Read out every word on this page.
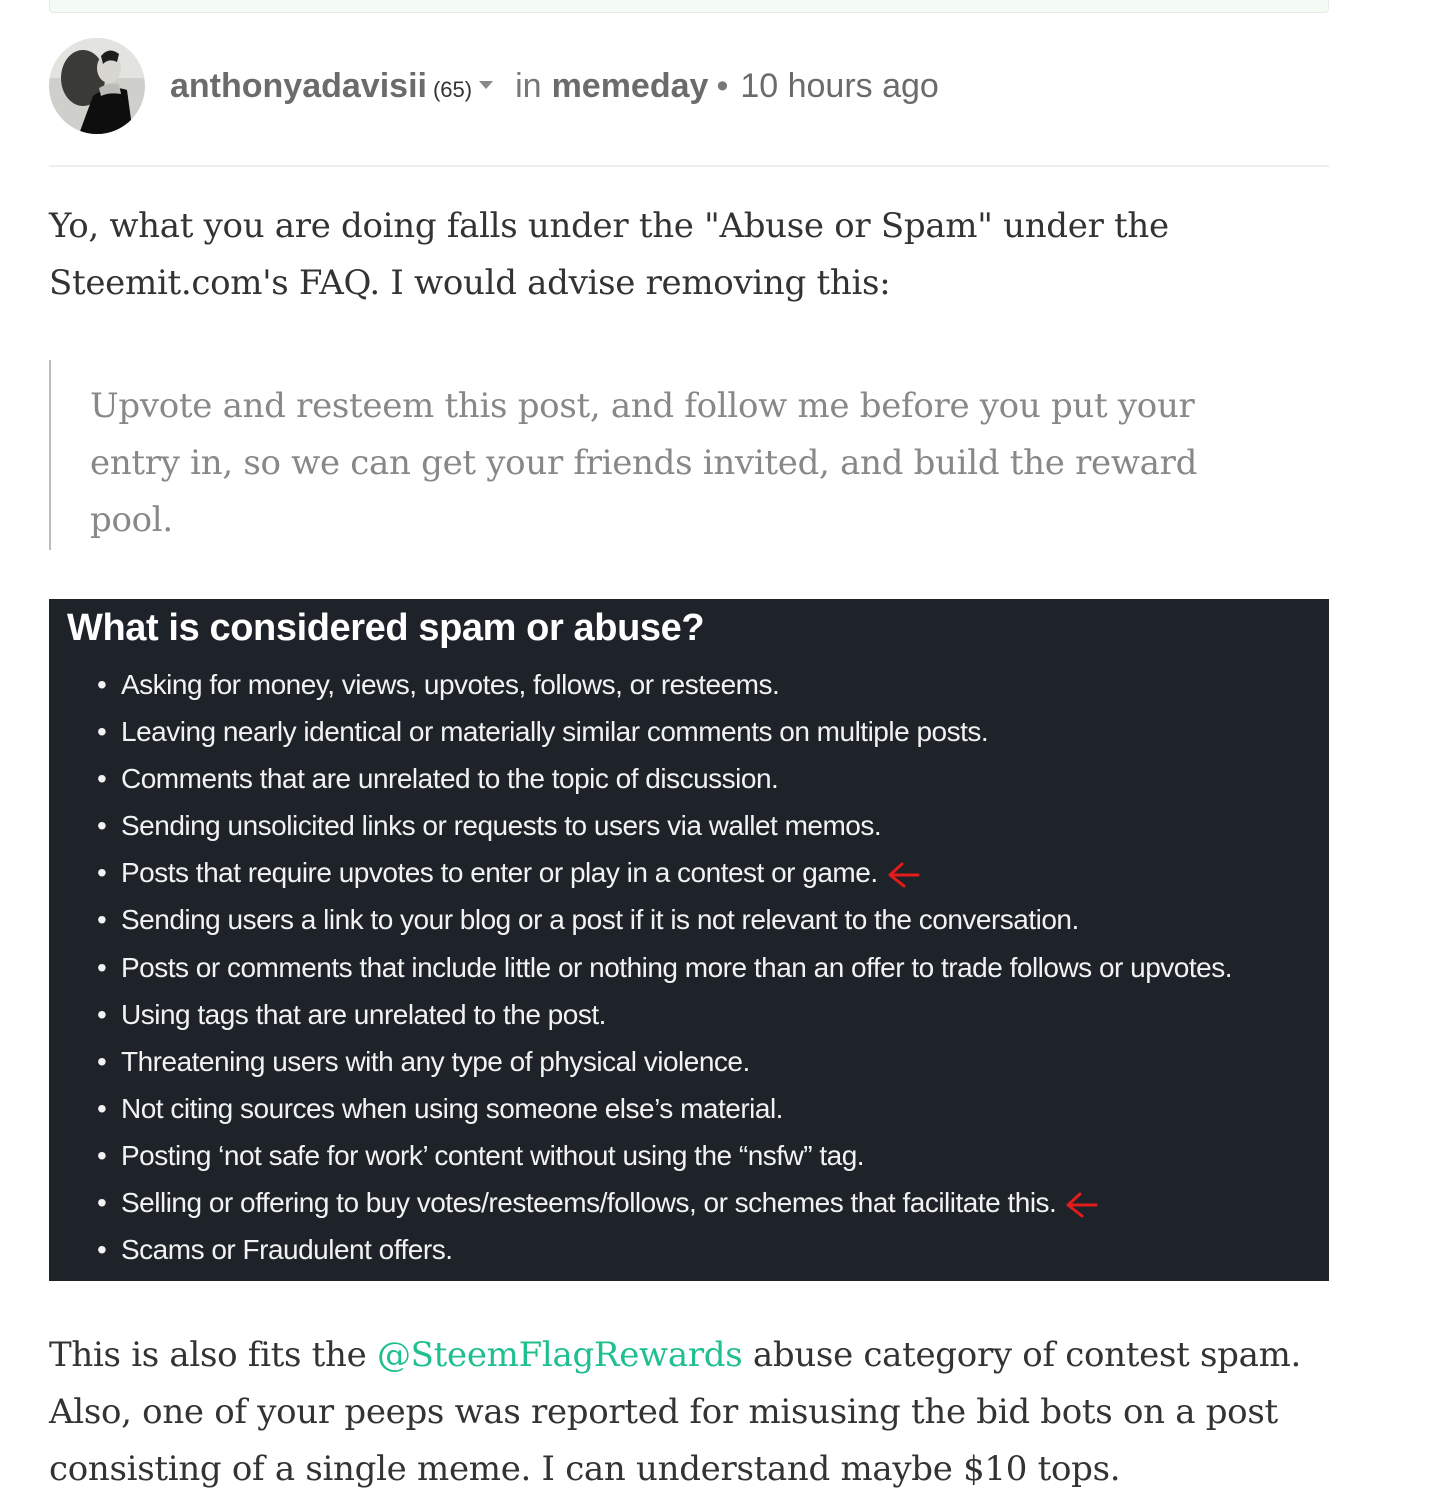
anthonyadavisii (65) in memeday • 10 hours ago

Yo, what you are doing falls under the "Abuse or Spam" under the Steemit.com's FAQ. I would advise removing this:

Upvote and resteem this post, and follow me before you put your entry in, so we can get your friends invited, and build the reward pool.

What is considered spam or abuse?
• Asking for money, views, upvotes, follows, or resteems.
• Leaving nearly identical or materially similar comments on multiple posts.
• Comments that are unrelated to the topic of discussion.
• Sending unsolicited links or requests to users via wallet memos.
• Posts that require upvotes to enter or play in a contest or game.
• Sending users a link to your blog or a post if it is not relevant to the conversation.
• Posts or comments that include little or nothing more than an offer to trade follows or upvotes.
• Using tags that are unrelated to the post.
• Threatening users with any type of physical violence.
• Not citing sources when using someone else’s material.
• Posting ‘not safe for work’ content without using the “nsfw” tag.
• Selling or offering to buy votes/resteems/follows, or schemes that facilitate this.
• Scams or Fraudulent offers.

This is also fits the @SteemFlagRewards abuse category of contest spam. Also, one of your peeps was reported for misusing the bid bots on a post consisting of a single meme. I can understand maybe $10 tops.
